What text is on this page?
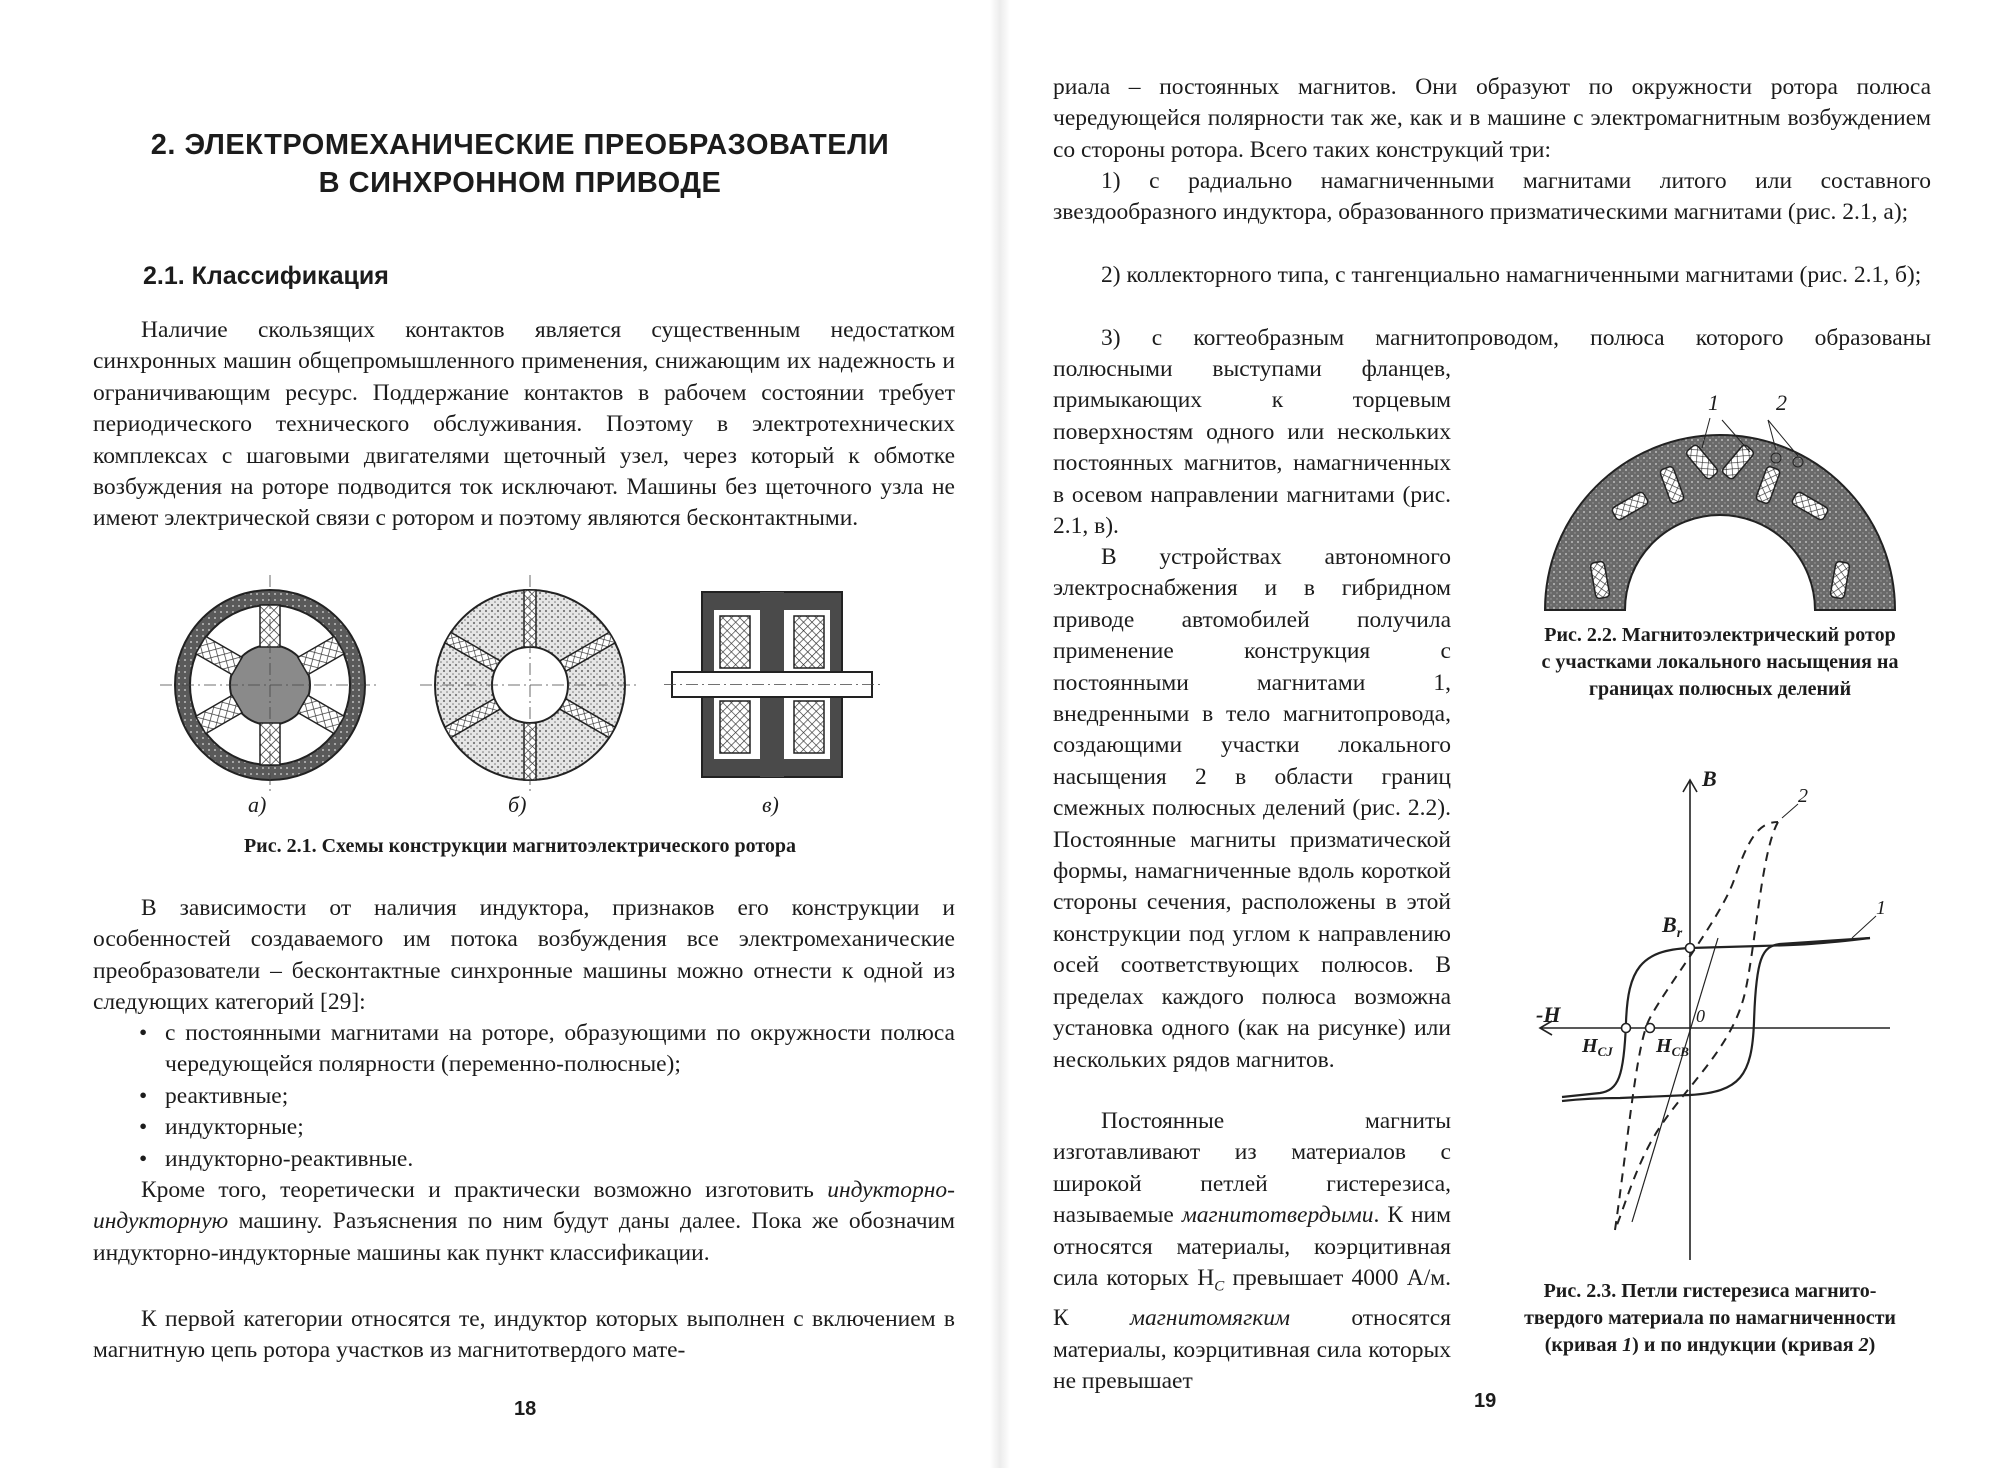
2. ЭЛЕКТРОМЕХАНИЧЕСКИЕ ПРЕОБРАЗОВАТЕЛИ
В СИНХРОННОМ ПРИВОДЕ
2.1. Классификация

Наличие скользящих контактов является существенным недостатком синхронных машин общепромышленного применения, снижающим их надежность и ограничивающим ресурс. Поддержание контактов в рабочем состоянии требует периодического технического обслуживания. Поэтому в электротехнических комплексах с шаговыми двигателями щеточный узел, через который к обмотке возбуждения на роторе подводится ток исключают. Машины без щеточного узла не имеют электрической связи с ротором и поэтому являются бесконтактными.

а)	б)	в)

Рис. 2.1. Схемы конструкции магнитоэлектрического ротора

В зависимости от наличия индуктора, признаков его конструкции и особенностей создаваемого им потока возбуждения все электромеханические преобразователи – бесконтактные синхронные машины можно отнести к одной из следующих категорий [29]:

• с постоянными магнитами на роторе, образующими по окружности полюса чередующейся полярности (переменно-полюсные);
• реактивные;
• индукторные;
• индукторно-реактивные.

Кроме того, теоретически и практически возможно изготовить индукторно-индукторную машину. Разъяснения по ним будут даны далее. Пока же обозначим индукторно-индукторные машины как пункт классификации.

К первой категории относятся те, индуктор которых выполнен с включением в магнитную цепь ротора участков из магнитотвердого мате-

18

риала – постоянных магнитов. Они образуют по окружности ротора полюса чередующейся полярности так же, как и в машине с электромагнитным возбуждением со стороны ротора. Всего таких конструкций три:

1) с радиально намагниченными магнитами литого или составного звездообразного индуктора, образованного призматическими магнитами (рис. 2.1, а);

2) коллекторного типа, с тангенциально намагниченными магнитами (рис. 2.1, б);

3) с когтеобразным магнитопроводом, полюса которого образованы

полюсными выступами фланцев, примыкающих к торцевым поверхностям одного или нескольких постоянных магнитов, намагниченных в осевом направлении магнитами (рис. 2.1, в).

В устройствах автономного электроснабжения и в гибридном приводе автомобилей получила применение конструкция с постоянными магнитами 1, внедренными в тело магнитопровода, создающими участки локального насыщения 2 в области границ смежных полюсных делений (рис. 2.2). Постоянные магниты призматической формы, намагниченные вдоль короткой стороны сечения, расположены в этой конструкции под углом к направлению осей соответствующих полюсов. В пределах каждого полюса возможна установка одного (как на рисунке) или нескольких рядов магнитов.

Постоянные магниты изготавливают из материалов с широкой петлей гистерезиса, называемые магнитотвердыми. К ним относятся материалы, коэрцитивная сила которых $H_C$ превышает 4000 А/м. К магнитомягким относятся материалы, коэрцитивная сила которых не превышает

1	2

Рис. 2.2. Магнитоэлектрический ротор с участками локального насыщения на границах полюсных делений

B
2
1
$B_r$
-H	0
$H_{CJ}$ $H_{CB}$

Рис. 2.3. Петли гистерезиса магнито-
твердого материала по намагниченности
(кривая 1) и по индукции (кривая 2)

19
